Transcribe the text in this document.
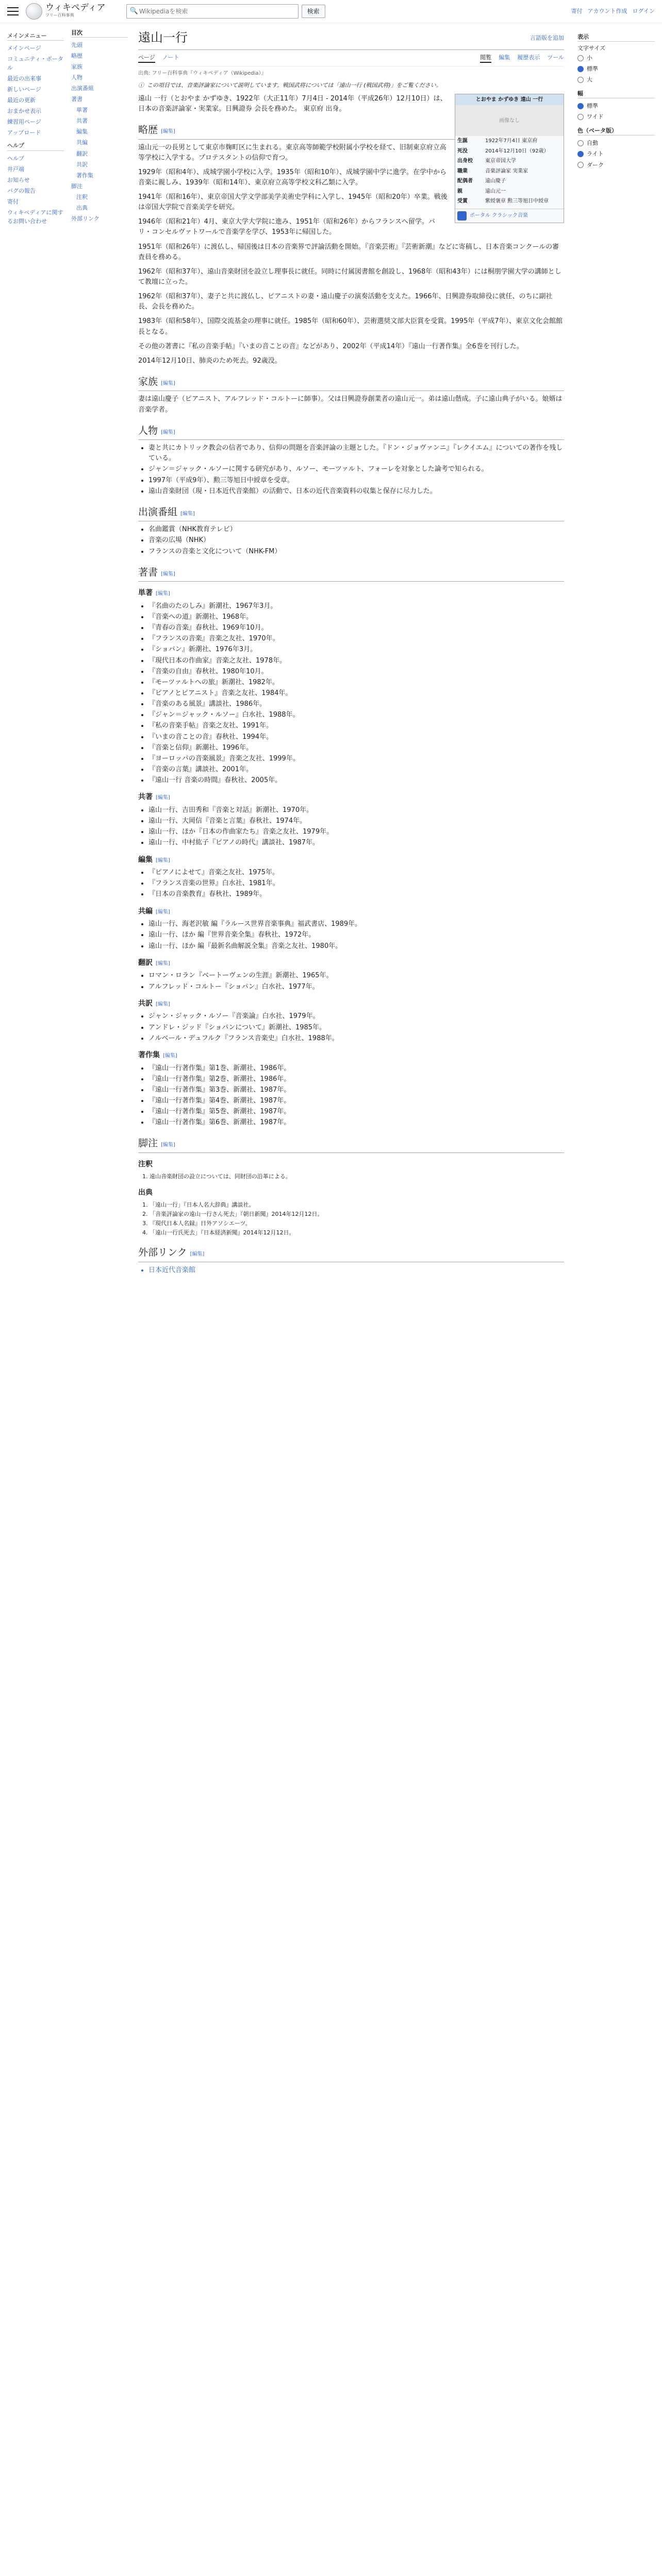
ウィキペディア
フリー百科事典
🔍
Wikipediaを検索	検索	寄付 アカウント作成 ログイン
メインメニュー
メインページ
コミュニティ・ポータル
最近の出来事
新しいページ
最近の更新
おまかせ表示
練習用ページ
アップロード
ヘルプ
ヘルプ
井戸端
お知らせ
バグの報告
寄付
ウィキペディアに関するお問い合わせ
目次
先頭
略歴
家族
人物
出演番組
著書
単著
共著
編集
共編
翻訳
共訳
著作集
脚注
注釈
出典
外部リンク
遠山一行	言語版を追加
ページ ノート	閲覧 編集 履歴表示 ツール
出典: フリー百科事典『ウィキペディア（Wikipedia）』
ⓘ この項目では、音楽評論家について説明しています。戦国武将については「遠山一行 (戦国武将)」をご覧ください。
とおやま かずゆき 遠山 一行
画像なし
生誕	1922年7月4日 東京府
死没	2014年12月10日（92歳）
出身校	東京帝国大学
職業	音楽評論家 実業家
配偶者	遠山慶子
親	遠山元一
受賞	紫綬褒章 勲三等旭日中綬章
ポータル クラシック音楽

遠山 一行（とおやま かずゆき、1922年（大正11年）7月4日 - 2014年（平成26年）12月10日）は、日本の音楽評論家・実業家。日興證券 会長を務めた。 東京府 出身。

略歴 [編集]

遠山元一の長男として東京市麹町区に生まれる。東京高等師範学校附属小学校を経て、旧制東京府立高等学校に入学する。プロテスタントの信仰で育つ。

1929年（昭和4年）、成城学園小学校に入学。1935年（昭和10年）、成城学園中学に進学。在学中から音楽に親しみ、1939年（昭和14年）、東京府立高等学校文科乙類に入学。

1941年（昭和16年）、東京帝国大学文学部美学美術史学科に入学し、1945年（昭和20年）卒業。戦後は帝国大学院で音楽美学を研究。

1946年（昭和21年）4月、東京大学大学院に進み、1951年（昭和26年）からフランスへ留学。パリ・コンセルヴァトワールで音楽学を学び、1953年に帰国した。

1951年（昭和26年）に渡仏し、帰国後は日本の音楽界で評論活動を開始。『音楽芸術』『芸術新潮』などに寄稿し、日本音楽コンクールの審査員を務める。

1962年（昭和37年）、遠山音楽財団を設立し理事長に就任。同時に付属図書館を創設し、1968年（昭和43年）には桐朋学園大学の講師として教壇に立った。

1962年（昭和37年）、妻子と共に渡仏し、ピアニストの妻・遠山慶子の演奏活動を支えた。1966年、日興證券取締役に就任、のちに副社長、会長を務めた。

1983年（昭和58年）、国際交流基金の理事に就任。1985年（昭和60年）、芸術選奨文部大臣賞を受賞。1995年（平成7年）、東京文化会館館長となる。

その他の著書に『私の音楽手帖』『いまの音ことの音』などがあり、2002年（平成14年）『遠山一行著作集』全6巻を刊行した。

2014年12月10日、肺炎のため死去。92歳没。

家族 [編集]

妻は遠山慶子（ピアニスト、アルフレッド・コルトーに師事）。父は日興證券創業者の遠山元一。弟は遠山偕成。子に遠山典子がいる。娘婿は音楽学者。

人物 [編集]
• 妻と共にカトリック教会の信者であり、信仰の問題を音楽評論の主題とした。『ドン・ジョヴァンニ』『レクイエム』についての著作を残している。
• ジャン＝ジャック・ルソーに関する研究があり、ルソー、モーツァルト、フォーレを対象とした論考で知られる。
• 1997年（平成9年）、勲三等旭日中綬章を受章。
• 遠山音楽財団（現・日本近代音楽館）の活動で、日本の近代音楽資料の収集と保存に尽力した。
出演番組 [編集]
• 名曲鑑賞（NHK教育テレビ）
• 音楽の広場（NHK）
• フランスの音楽と文化について（NHK-FM）
著書 [編集]
単著 [編集]
• 『名曲のたのしみ』新潮社、1967年3月。
• 『音楽への道』新潮社、1968年。
• 『青春の音楽』春秋社、1969年10月。
• 『フランスの音楽』音楽之友社、1970年。
• 『ショパン』新潮社、1976年3月。
• 『現代日本の作曲家』音楽之友社、1978年。
• 『音楽の自由』春秋社、1980年10月。
• 『モーツァルトへの旅』新潮社、1982年。
• 『ピアノとピアニスト』音楽之友社、1984年。
• 『音楽のある風景』講談社、1986年。
• 『ジャン＝ジャック・ルソー』白水社、1988年。
• 『私の音楽手帖』音楽之友社、1991年。
• 『いまの音ことの音』春秋社、1994年。
• 『音楽と信仰』新潮社、1996年。
• 『ヨーロッパの音楽風景』音楽之友社、1999年。
• 『音楽の言葉』講談社、2001年。
• 『遠山一行 音楽の時間』春秋社、2005年。
共著 [編集]
• 遠山一行、吉田秀和『音楽と対話』新潮社、1970年。
• 遠山一行、大岡信『音楽と言葉』春秋社、1974年。
• 遠山一行、ほか『日本の作曲家たち』音楽之友社、1979年。
• 遠山一行、中村紘子『ピアノの時代』講談社、1987年。
編集 [編集]
• 『ピアノによせて』音楽之友社、1975年。
• 『フランス音楽の世界』白水社、1981年。
• 『日本の音楽教育』春秋社、1989年。
共編 [編集]
• 遠山一行、海老沢敏 編『ラルース世界音楽事典』福武書店、1989年。
• 遠山一行、ほか 編『世界音楽全集』春秋社、1972年。
• 遠山一行、ほか 編『最新名曲解説全集』音楽之友社、1980年。
翻訳 [編集]
• ロマン・ロラン『ベートーヴェンの生涯』新潮社、1965年。
• アルフレッド・コルトー『ショパン』白水社、1977年。
共訳 [編集]
• ジャン・ジャック・ルソー『音楽論』白水社、1979年。
• アンドレ・ジッド『ショパンについて』新潮社、1985年。
• ノルベール・デュフルク『フランス音楽史』白水社、1988年。
著作集 [編集]
• 『遠山一行著作集』第1巻、新潮社、1986年。
• 『遠山一行著作集』第2巻、新潮社、1986年。
• 『遠山一行著作集』第3巻、新潮社、1987年。
• 『遠山一行著作集』第4巻、新潮社、1987年。
• 『遠山一行著作集』第5巻、新潮社、1987年。
• 『遠山一行著作集』第6巻、新潮社、1987年。
脚注 [編集]
注釈
1. 遠山音楽財団の設立については、同財団の沿革による。
出典
1. 「遠山一行」『日本人名大辞典』講談社。
2. 「音楽評論家の遠山一行さん死去」『朝日新聞』2014年12月12日。
3. 『現代日本人名録』日外アソシエーツ。
4. 「遠山一行氏死去」『日本経済新聞』2014年12月12日。
外部リンク [編集]
• 日本近代音楽館
表示
文字サイズ
小
標準
大
幅
標準
ワイド
色（ベータ版）
自動
ライト
ダーク
